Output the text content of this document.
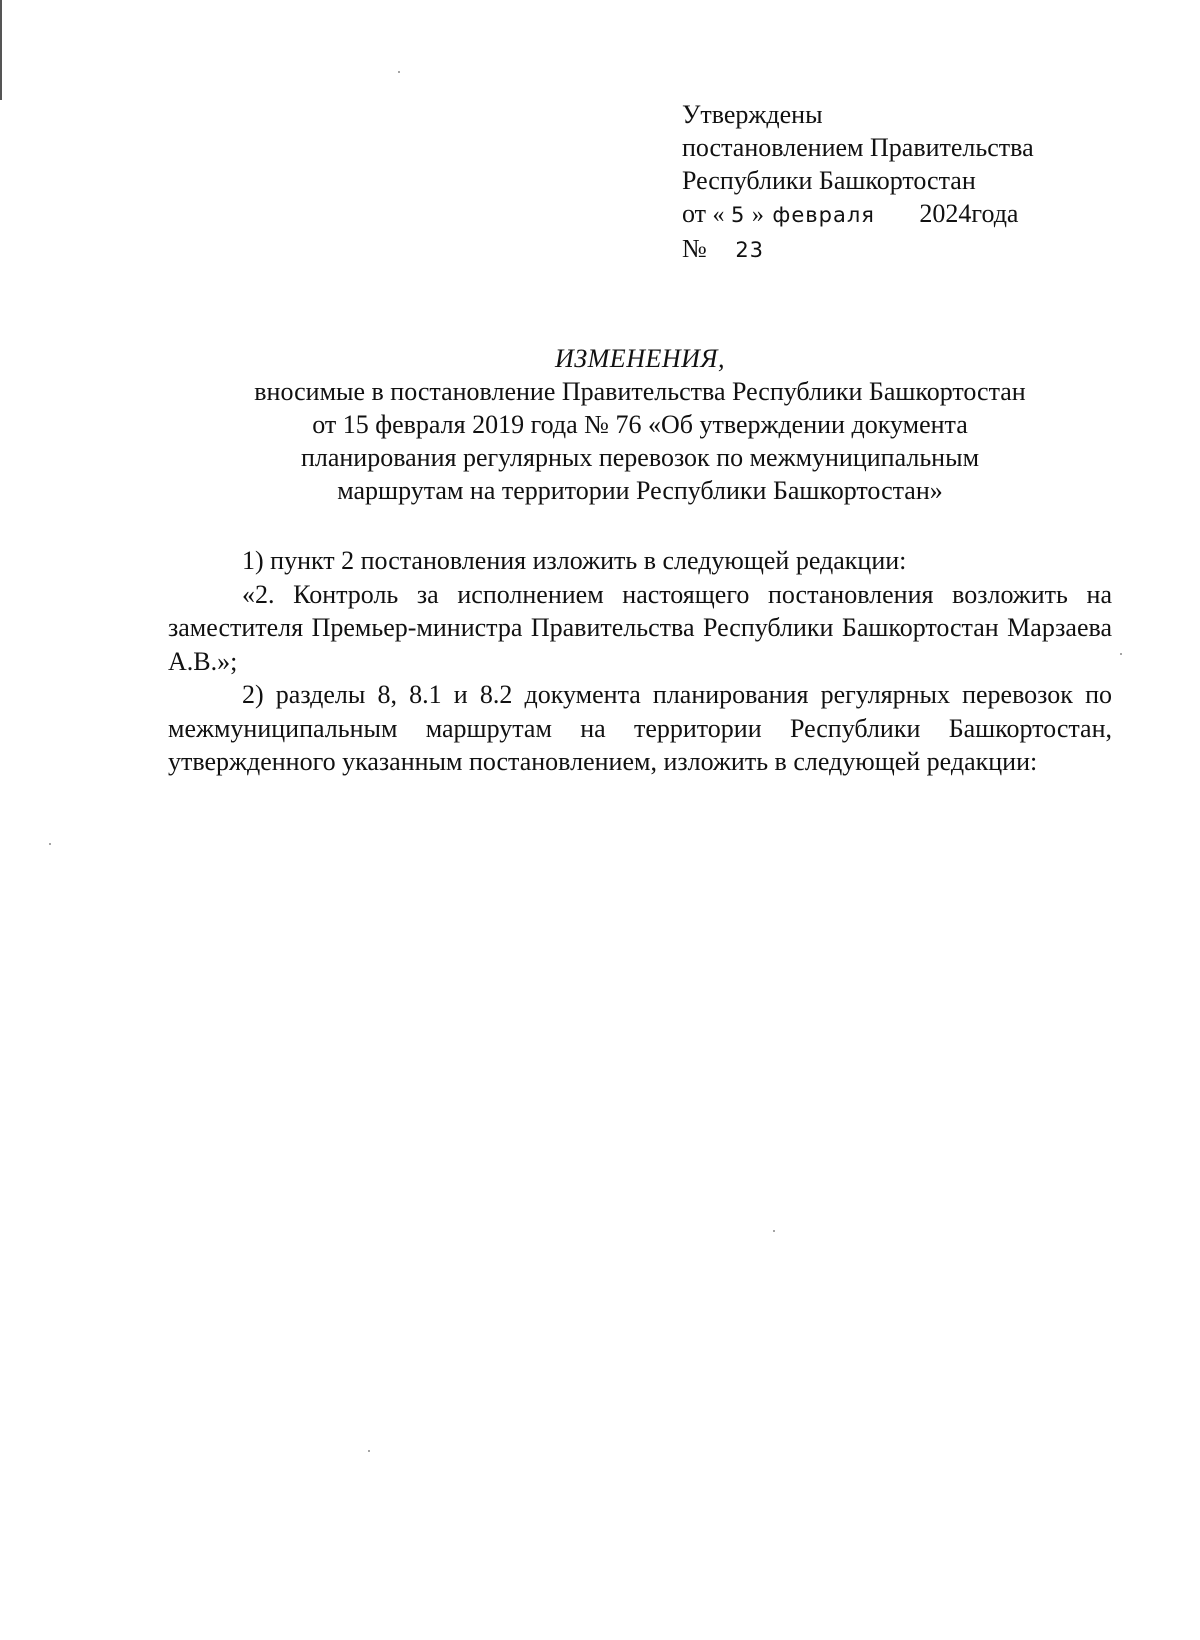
Утверждены
постановлением Правительства
Республики Башкортостан
от « 5 » февраля 2024года
№ 23
ИЗМЕНЕНИЯ,
вносимые в постановление Правительства Республики Башкортостан
от 15 февраля 2019 года № 76 «Об утверждении документа
планирования регулярных перевозок по межмуниципальным
маршрутам на территории Республики Башкортостан»

1) пункт 2 постановления изложить в следующей редакции:

«2. Контроль за исполнением настоящего постановления возложить на заместителя Премьер-министра Правительства Республики Башкортостан Марзаева А.В.»;

2) разделы 8, 8.1 и 8.2 документа планирования регулярных перевозок по межмуниципальным маршрутам на территории Республики Башкортостан, утвержденного указанным постановлением, изложить в следующей редакции:
